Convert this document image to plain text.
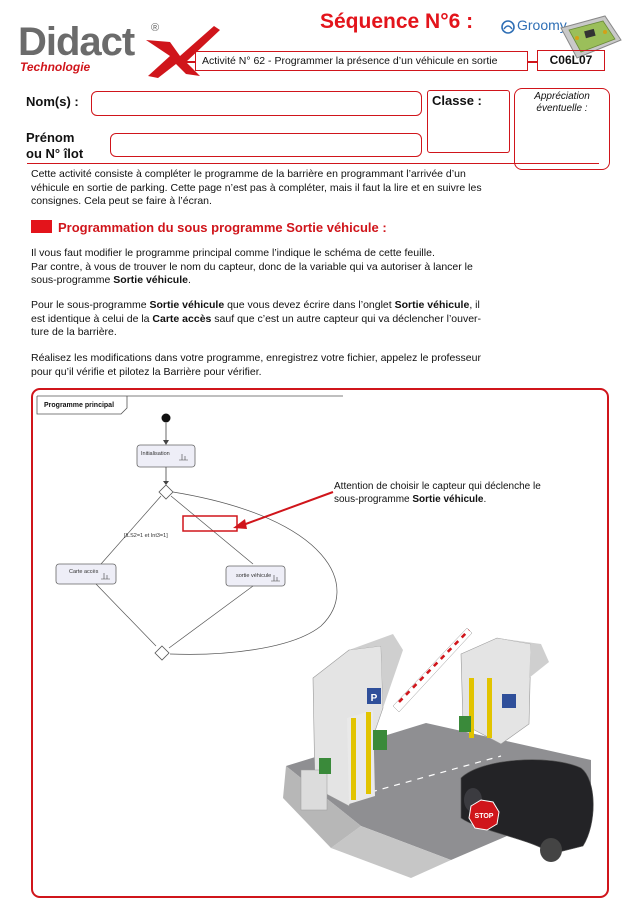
Didact ®
Technologie
Séquence N°6 :	Groomy
Activité N° 62 - Programmer la présence d’un véhicule en sortie	C06L07
Nom(s) :
Prénom
ou N° îlot
Classe :	Appréciation
éventuelle :
Cette activité consiste à compléter le programme de la barrière en programmant l’arrivée d’un
véhicule en sortie de parking. Cette page n’est pas à compléter, mais il faut la lire et en suivre les
consignes. Cela peut se faire à l’écran.
Programmation du sous programme Sortie véhicule :
Il vous faut modifier le programme principal comme l’indique le schéma de cette feuille.
Par contre, à vous de trouver le nom du capteur, donc de la variable qui va autoriser à lancer le
sous-programme Sortie véhicule.
Pour le sous-programme Sortie véhicule que vous devez écrire dans l’onglet Sortie véhicule, il
est identique à celui de la Carte accès sauf que c’est un autre capteur qui va déclencher l’ouver-
ture de la barrière.
Réalisez les modifications dans votre programme, enregistrez votre fichier, appelez le professeur
pour qu’il vérifie et pilotez la Barrière pour vérifier.
STOP
P
Programme principal
Initialisation
[ILS2=1 et Int3=1]
Carte accès
sortie véhicule
Attention de choisir le capteur qui déclenche le
sous-programme Sortie véhicule.
